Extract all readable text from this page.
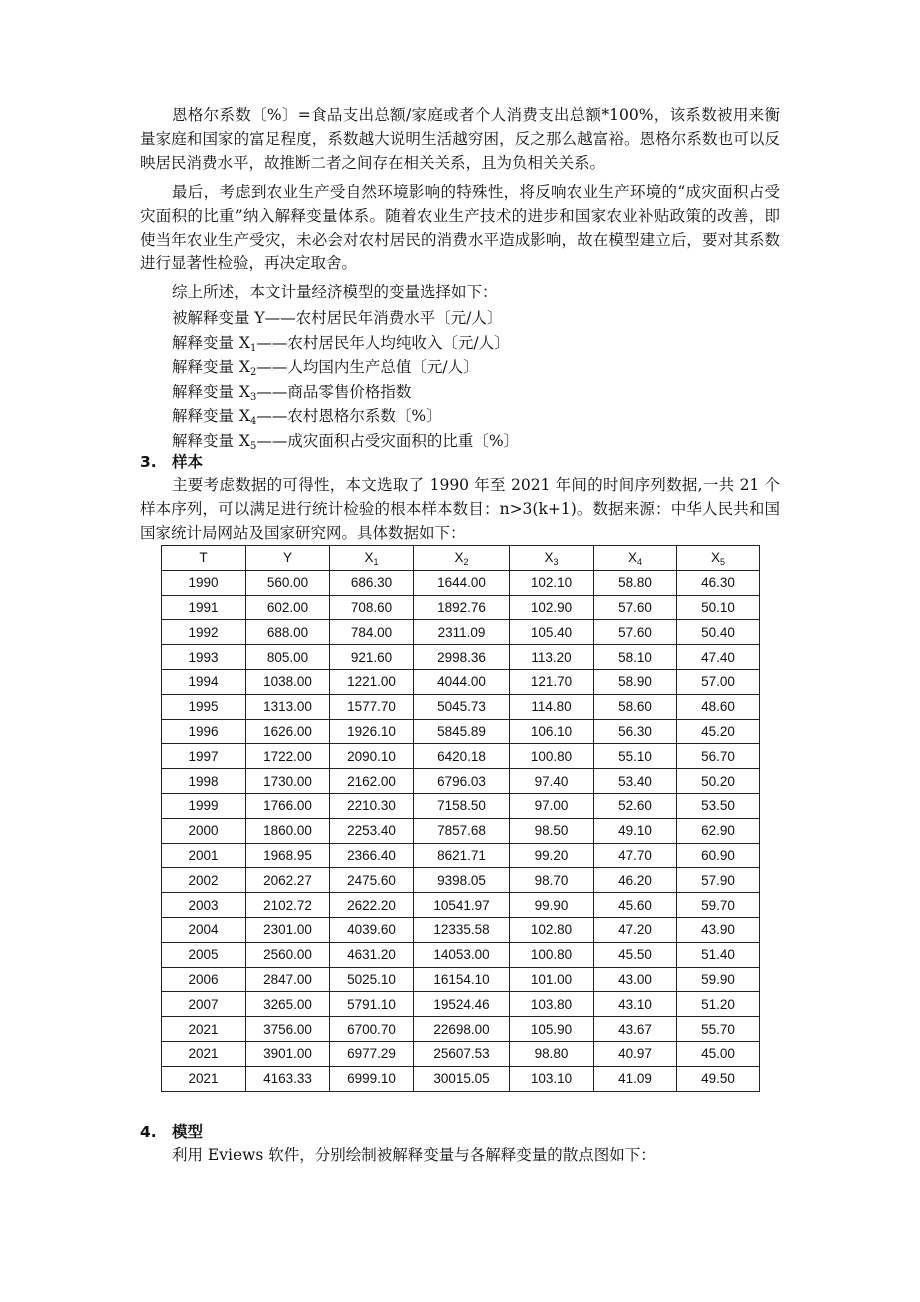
恩格尔系数〔%〕=食品支出总额/家庭或者个人消费支出总额*100%，该系数被用来衡量家庭和国家的富足程度，系数越大说明生活越穷困，反之那么越富裕。恩格尔系数也可以反映居民消费水平，故推断二者之间存在相关关系，且为负相关关系。

最后，考虑到农业生产受自然环境影响的特殊性，将反响农业生产环境的“成灾面积占受灾面积的比重”纳入解释变量体系。随着农业生产技术的进步和国家农业补贴政策的改善，即使当年农业生产受灾，未必会对农村居民的消费水平造成影响，故在模型建立后，要对其系数进行显著性检验，再决定取舍。

综上所述，本文计量经济模型的变量选择如下：

被解释变量 Y——农村居民年消费水平〔元/人〕
解释变量 $X_1——$农村居民年人均纯收入〔元/人〕
解释变量 $X_2——$人均国内生产总值〔元/人〕
解释变量 $X_3——$商品零售价格指数
解释变量 $X_4——$农村恩格尔系数〔%〕
解释变量 $X_5——$成灾面积占受灾面积的比重〔%〕
3. 样本

主要考虑数据的可得性，本文选取了 1990 年至 2021 年间的时间序列数据,一共 21 个样本序列，可以满足进行统计检验的根本样本数目：n>3(k+1)。数据来源：中华人民共和国国家统计局网站及国家研究网。具体数据如下：

T	Y	$X_1$	$X_2$	$X_3$	$X_4$	$X_5$
1990	560.00	686.30	1644.00	102.10	58.80	46.30
1991	602.00	708.60	1892.76	102.90	57.60	50.10
1992	688.00	784.00	2311.09	105.40	57.60	50.40
1993	805.00	921.60	2998.36	113.20	58.10	47.40
1994	1038.00	1221.00	4044.00	121.70	58.90	57.00
1995	1313.00	1577.70	5045.73	114.80	58.60	48.60
1996	1626.00	1926.10	5845.89	106.10	56.30	45.20
1997	1722.00	2090.10	6420.18	100.80	55.10	56.70
1998	1730.00	2162.00	6796.03	97.40	53.40	50.20
1999	1766.00	2210.30	7158.50	97.00	52.60	53.50
2000	1860.00	2253.40	7857.68	98.50	49.10	62.90
2001	1968.95	2366.40	8621.71	99.20	47.70	60.90
2002	2062.27	2475.60	9398.05	98.70	46.20	57.90
2003	2102.72	2622.20	10541.97	99.90	45.60	59.70
2004	2301.00	4039.60	12335.58	102.80	47.20	43.90
2005	2560.00	4631.20	14053.00	100.80	45.50	51.40
2006	2847.00	5025.10	16154.10	101.00	43.00	59.90
2007	3265.00	5791.10	19524.46	103.80	43.10	51.20
2021	3756.00	6700.70	22698.00	105.90	43.67	55.70
2021	3901.00	6977.29	25607.53	98.80	40.97	45.00
2021	4163.33	6999.10	30015.05	103.10	41.09	49.50
4. 模型

利用 Eviews 软件，分别绘制被解释变量与各解释变量的散点图如下：
